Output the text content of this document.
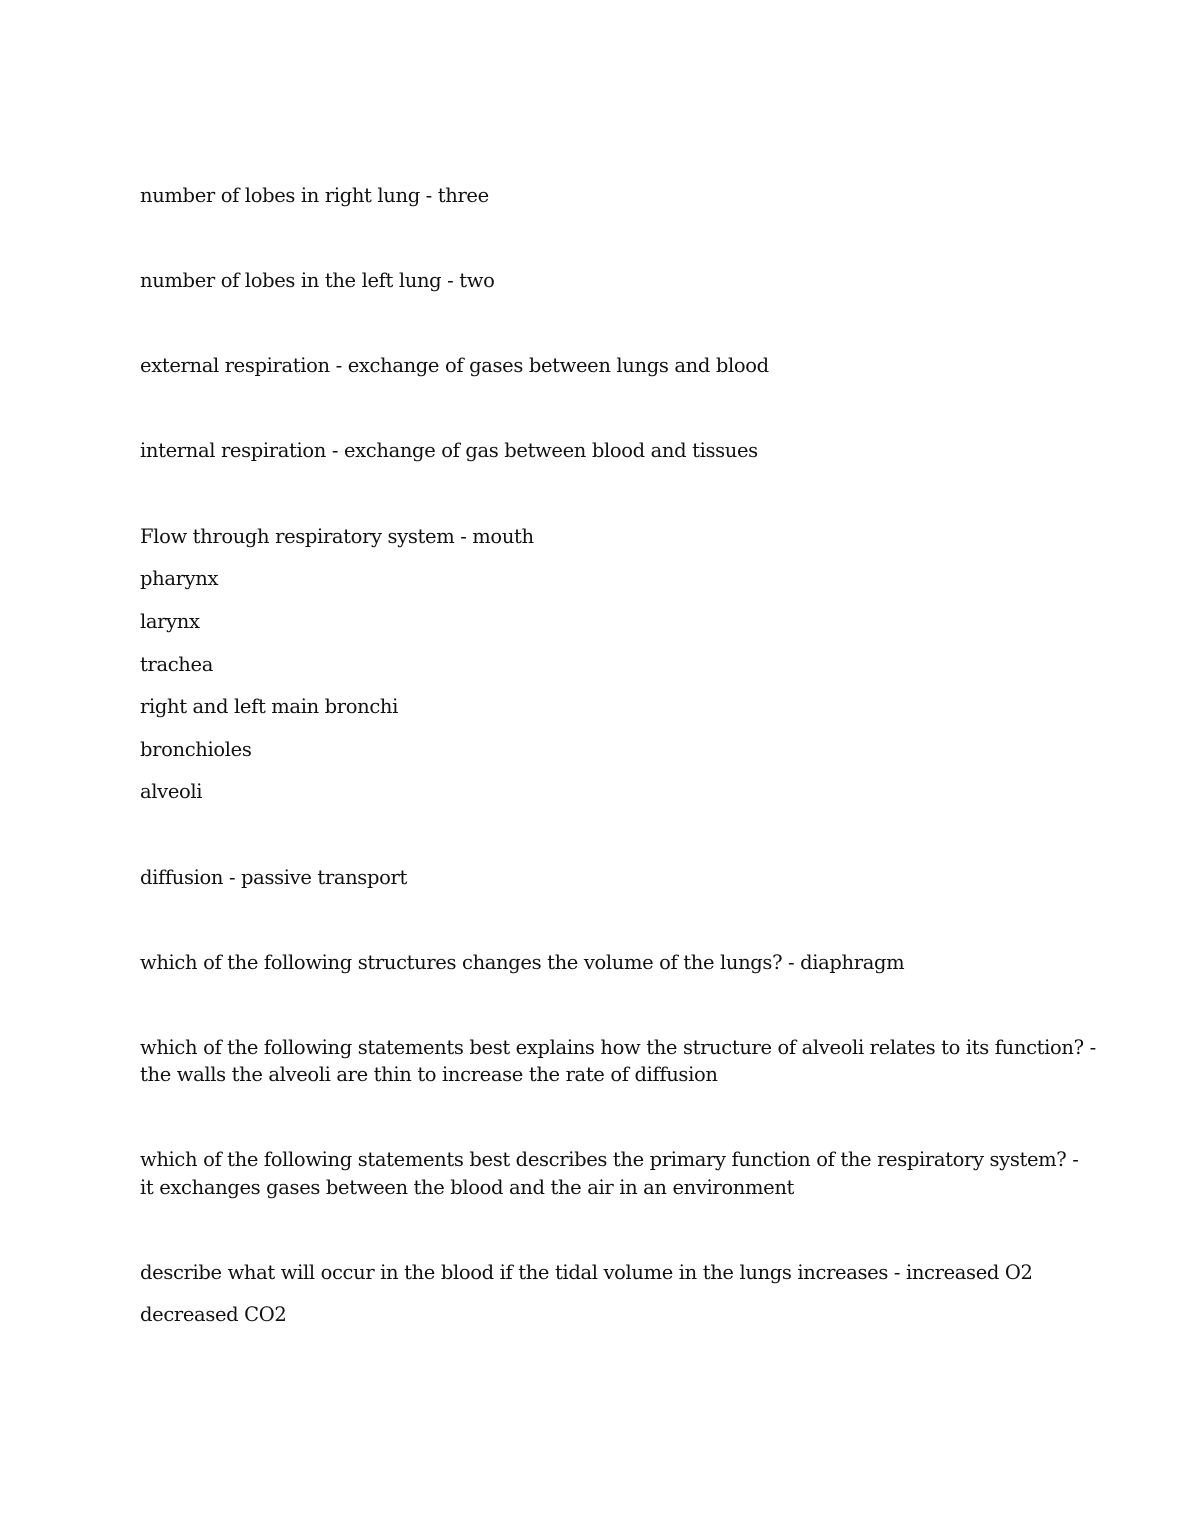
number of lobes in right lung - three

number of lobes in the left lung - two

external respiration - exchange of gases between lungs and blood

internal respiration - exchange of gas between blood and tissues

Flow through respiratory system - mouth

pharynx

larynx

trachea

right and left main bronchi

bronchioles

alveoli

diffusion - passive transport

which of the following structures changes the volume of the lungs? - diaphragm

which of the following statements best explains how the structure of alveoli relates to its function? -

the walls the alveoli are thin to increase the rate of diffusion

which of the following statements best describes the primary function of the respiratory system? -

it exchanges gases between the blood and the air in an environment

describe what will occur in the blood if the tidal volume in the lungs increases - increased O2

decreased CO2
